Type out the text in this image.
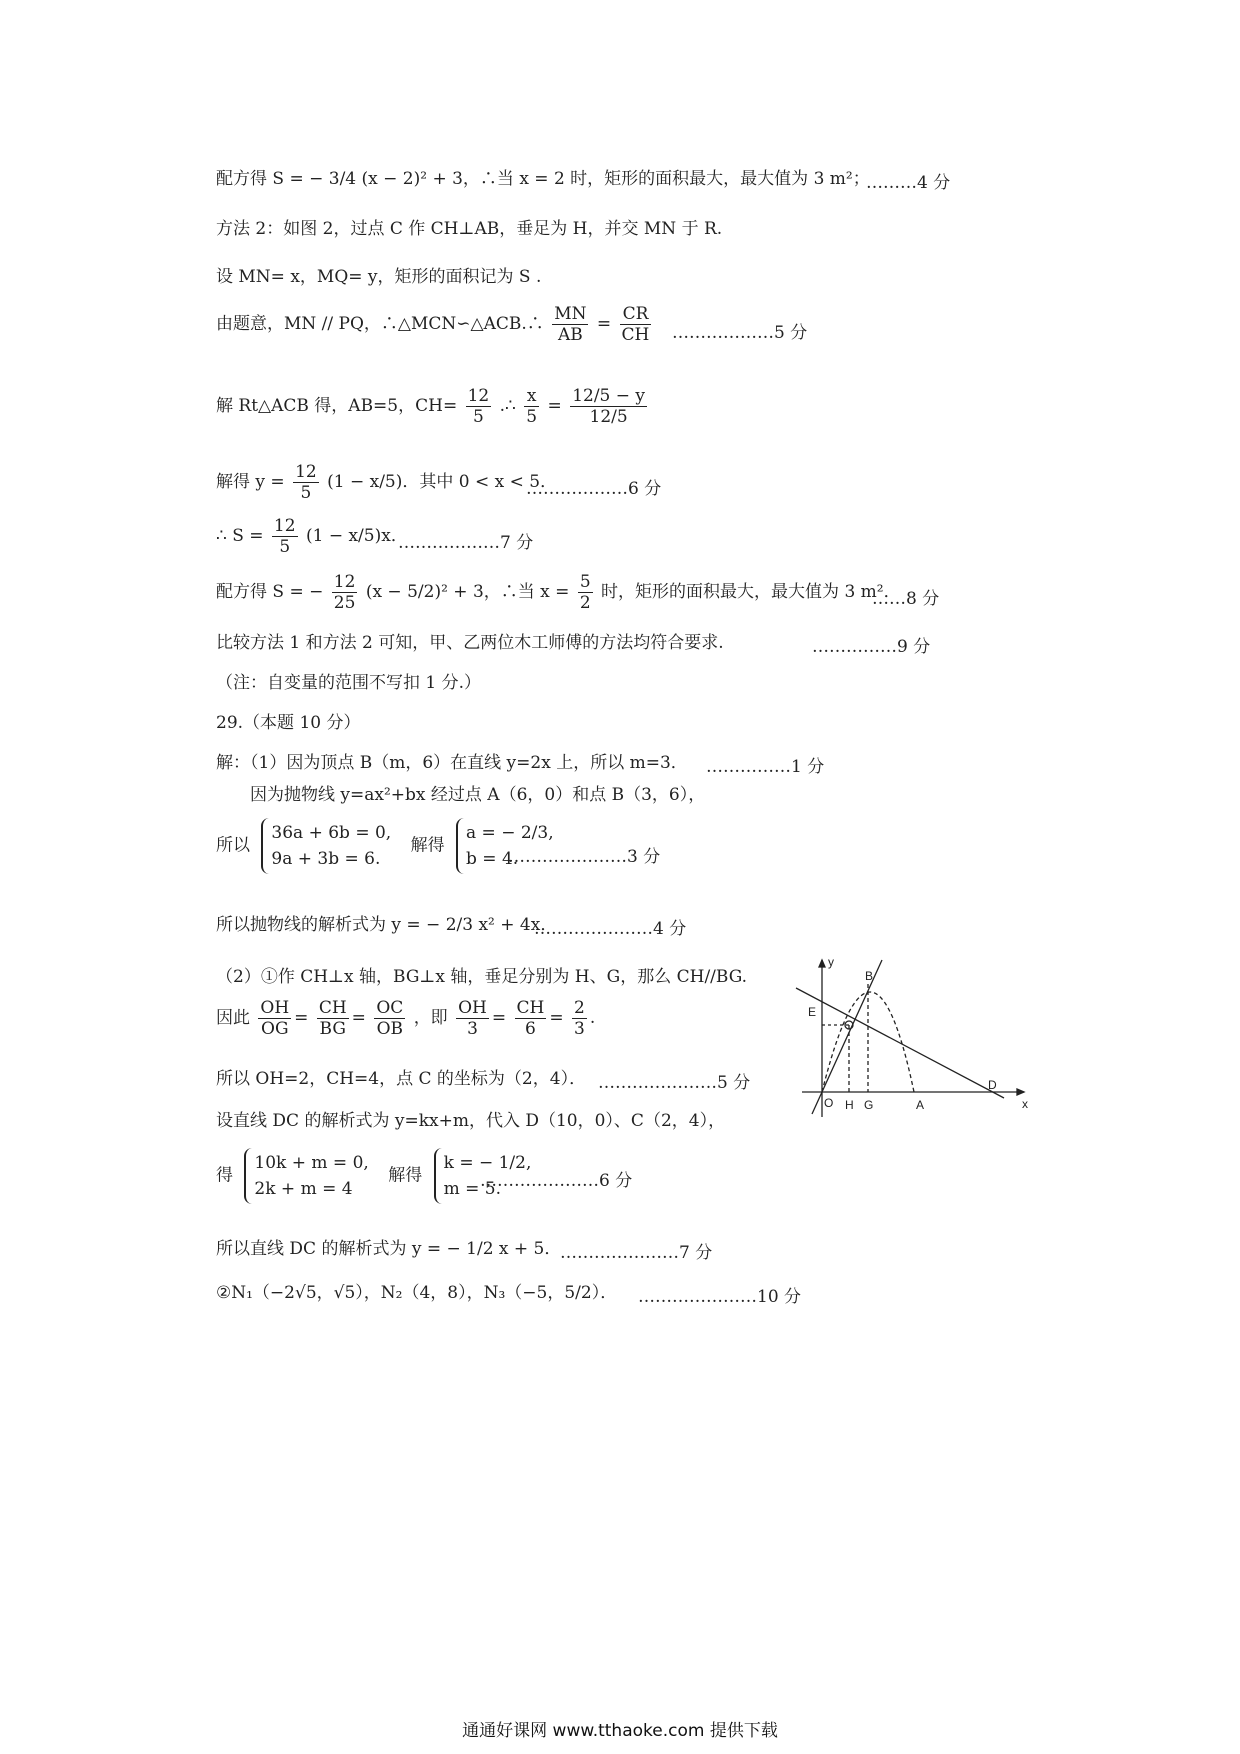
配方得 S = − 3/4 (x − 2)² + 3，∴当 x = 2 时，矩形的面积最大，最大值为 3 m²；
………4 分
方法 2：如图 2，过点 C 作 CH⊥AB，垂足为 H，并交 MN 于 R.
设 MN= x，MQ= y，矩形的面积记为 S .
由题意，MN // PQ，∴△MCN∽△ACB.∴ $\frac{MN}{AB} = \frac{CR}{CH}$ ………………5 分
解 Rt△ACB 得，AB=5，$CH= \frac{12}{5}$ .∴ $\frac{x}{5} = \frac{12/5 - y}{12/5}$
解得 $y = \frac{12}{5} (1 - x/5)$．其中 0 < x < 5．
………………6 分
∴ $S = \frac{12}{5} (1 - x/5)x$．
………………7 分
配方得 S = − $\frac{12}{25} (x - 5/2)^2 + 3$，∴当 $x = \frac{5}{2}$ 时，矩形的面积最大，最大值为 3 m²．
……8 分
比较方法 1 和方法 2 可知，甲、乙两位木工师傅的方法均符合要求.	……………9 分
（注：自变量的范围不写扣 1 分.）
29.（本题 10 分）
解：（1）因为顶点 B（m，6）在直线 y=2x 上，所以 m=3． ……………1 分
因为抛物线 y=ax²+bx 经过点 A（6，0）和点 B（3，6），
所以
36a + 6b = 0,
9a + 3b = 6.
解得
a = − 2/3,
b = 4.
…………………3 分
所以抛物线的解析式为 y = − 2/3 x² + 4x．
…………………4 分
（2）①作 CH⊥x 轴，BG⊥x 轴，垂足分别为 H、G，那么 CH//BG.
因此 $\frac{OH}{OG} = \frac{CH}{BG} = \frac{OC}{OB}$ ，即 $\frac{OH}{3} = \frac{CH}{6} = \frac{2}{3}$ .
所以 OH=2，CH=4，点 C 的坐标为（2，4）． …………………5 分
设直线 DC 的解析式为 y=kx+m，代入 D（10，0）、C（2，4），
得
10k + m = 0,
2k + m = 4
解得
k = − 1/2,
m = 5.
…………………6 分
所以直线 DC 的解析式为 y = − 1/2 x + 5．
…………………7 分
②N₁（−2√5，√5），N₂（4，8），N₃（−5，5/2）． …………………10 分
y
x
B
E
O H G	A
D
通通好课网 www.tthaoke.com 提供下载
